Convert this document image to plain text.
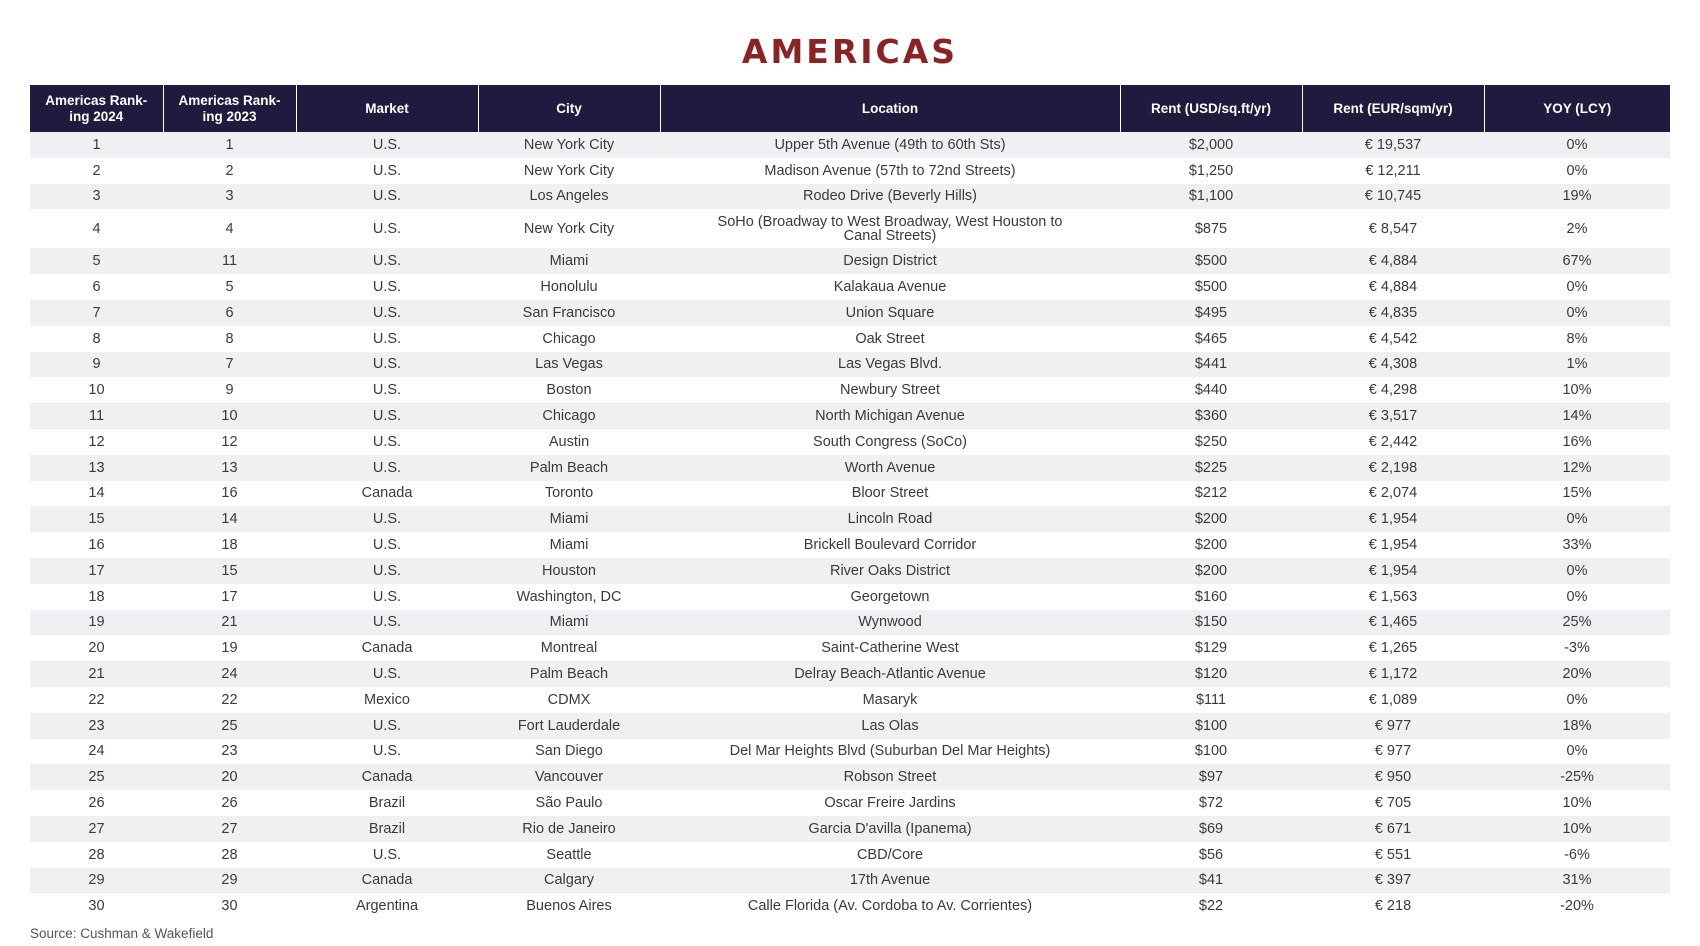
AMERICAS
Americas Rank-ing 2024	Americas Rank-ing 2023	Market	City	Location	Rent (USD/sq.ft/yr)	Rent (EUR/sqm/yr)	YOY (LCY)
1	1	U.S.	New York City	Upper 5th Avenue (49th to 60th Sts)	$2,000	€ 19,537	0%
2	2	U.S.	New York City	Madison Avenue (57th to 72nd Streets)	$1,250	€ 12,211	0%
3	3	U.S.	Los Angeles	Rodeo Drive (Beverly Hills)	$1,100	€ 10,745	19%
4	4	U.S.	New York City	SoHo (Broadway to West Broadway, West Houston to Canal Streets)	$875	€ 8,547	2%
5	11	U.S.	Miami	Design District	$500	€ 4,884	67%
6	5	U.S.	Honolulu	Kalakaua Avenue	$500	€ 4,884	0%
7	6	U.S.	San Francisco	Union Square	$495	€ 4,835	0%
8	8	U.S.	Chicago	Oak Street	$465	€ 4,542	8%
9	7	U.S.	Las Vegas	Las Vegas Blvd.	$441	€ 4,308	1%
10	9	U.S.	Boston	Newbury Street	$440	€ 4,298	10%
11	10	U.S.	Chicago	North Michigan Avenue	$360	€ 3,517	14%
12	12	U.S.	Austin	South Congress (SoCo)	$250	€ 2,442	16%
13	13	U.S.	Palm Beach	Worth Avenue	$225	€ 2,198	12%
14	16	Canada	Toronto	Bloor Street	$212	€ 2,074	15%
15	14	U.S.	Miami	Lincoln Road	$200	€ 1,954	0%
16	18	U.S.	Miami	Brickell Boulevard Corridor	$200	€ 1,954	33%
17	15	U.S.	Houston	River Oaks District	$200	€ 1,954	0%
18	17	U.S.	Washington, DC	Georgetown	$160	€ 1,563	0%
19	21	U.S.	Miami	Wynwood	$150	€ 1,465	25%
20	19	Canada	Montreal	Saint-Catherine West	$129	€ 1,265	-3%
21	24	U.S.	Palm Beach	Delray Beach-Atlantic Avenue	$120	€ 1,172	20%
22	22	Mexico	CDMX	Masaryk	$111	€ 1,089	0%
23	25	U.S.	Fort Lauderdale	Las Olas	$100	€ 977	18%
24	23	U.S.	San Diego	Del Mar Heights Blvd (Suburban Del Mar Heights)	$100	€ 977	0%
25	20	Canada	Vancouver	Robson Street	$97	€ 950	-25%
26	26	Brazil	São Paulo	Oscar Freire Jardins	$72	€ 705	10%
27	27	Brazil	Rio de Janeiro	Garcia D'avilla (Ipanema)	$69	€ 671	10%
28	28	U.S.	Seattle	CBD/Core	$56	€ 551	-6%
29	29	Canada	Calgary	17th Avenue	$41	€ 397	31%
30	30	Argentina	Buenos Aires	Calle Florida (Av. Cordoba to Av. Corrientes)	$22	€ 218	-20%
Source: Cushman & Wakefield
